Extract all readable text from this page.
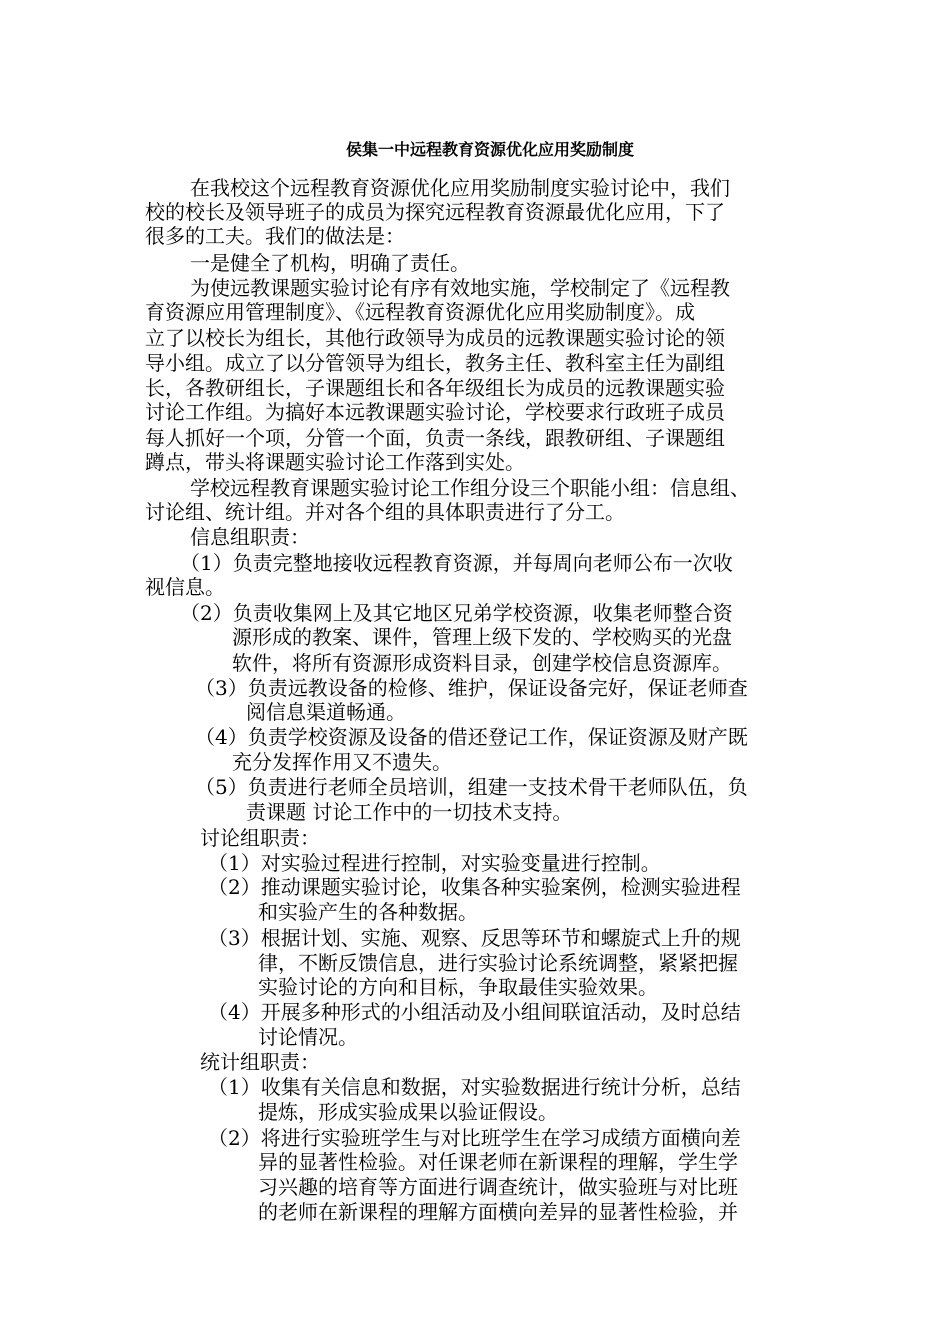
侯集一中远程教育资源优化应用奖励制度
在我校这个远程教育资源优化应用奖励制度实验讨论中，我们
校的校长及领导班子的成员为探究远程教育资源最优化应用，下了
很多的工夫。我们的做法是：
一是健全了机构，明确了责任。
为使远教课题实验讨论有序有效地实施，学校制定了《远程教
育资源应用管理制度》、《远程教育资源优化应用奖励制度》。成
立了以校长为组长，其他行政领导为成员的远教课题实验讨论的领
导小组。成立了以分管领导为组长，教务主任、教科室主任为副组
长，各教研组长，子课题组长和各年级组长为成员的远教课题实验
讨论工作组。为搞好本远教课题实验讨论，学校要求行政班子成员
每人抓好一个项，分管一个面，负责一条线，跟教研组、子课题组
蹲点，带头将课题实验讨论工作落到实处。
学校远程教育课题实验讨论工作组分设三个职能小组：信息组、
讨论组、统计组。并对各个组的具体职责进行了分工。
信息组职责：
（1）负责完整地接收远程教育资源，并每周向老师公布一次收
视信息。
（2）负责收集网上及其它地区兄弟学校资源，收集老师整合资
源形成的教案、课件，管理上级下发的、学校购买的光盘
软件，将所有资源形成资料目录，创建学校信息资源库。
（3）负责远教设备的检修、维护，保证设备完好，保证老师查
阅信息渠道畅通。
（4）负责学校资源及设备的借还登记工作，保证资源及财产既
充分发挥作用又不遗失。
（5）负责进行老师全员培训，组建一支技术骨干老师队伍，负
责课题 讨论工作中的一切技术支持。
讨论组职责：
（1）对实验过程进行控制，对实验变量进行控制。
（2）推动课题实验讨论，收集各种实验案例，检测实验进程
和实验产生的各种数据。
（3）根据计划、实施、观察、反思等环节和螺旋式上升的规
律，不断反馈信息，进行实验讨论系统调整，紧紧把握
实验讨论的方向和目标，争取最佳实验效果。
（4）开展多种形式的小组活动及小组间联谊活动，及时总结
讨论情况。
统计组职责：
（1）收集有关信息和数据，对实验数据进行统计分析，总结
提炼，形成实验成果以验证假设。
（2）将进行实验班学生与对比班学生在学习成绩方面横向差
异的显著性检验。对任课老师在新课程的理解，学生学
习兴趣的培育等方面进行调查统计，做实验班与对比班
的老师在新课程的理解方面横向差异的显著性检验，并
